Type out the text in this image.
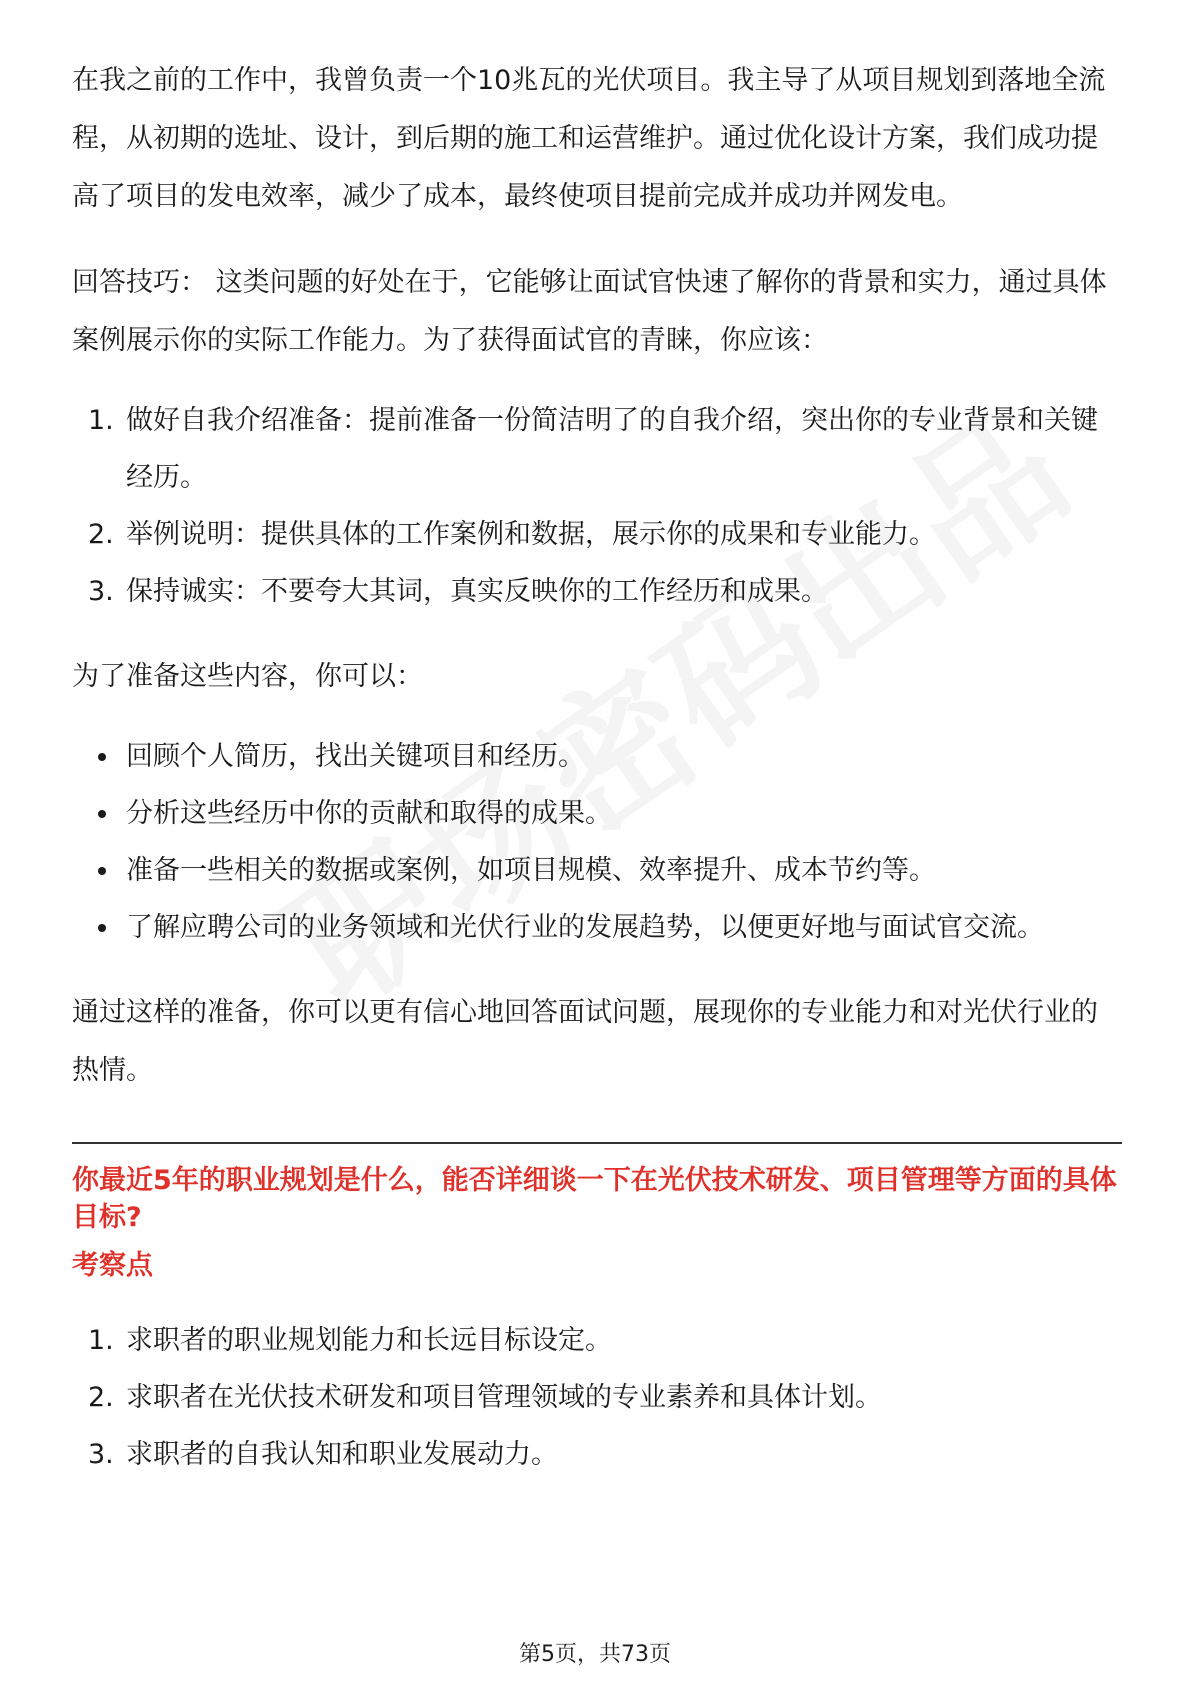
在我之前的工作中，我曾负责一个10兆瓦的光伏项目。我主导了从项目规划到落地全流程，从初期的选址、设计，到后期的施工和运营维护。通过优化设计方案，我们成功提高了项目的发电效率，减少了成本，最终使项目提前完成并成功并网发电。

回答技巧： 这类问题的好处在于，它能够让面试官快速了解你的背景和实力，通过具体案例展示你的实际工作能力。为了获得面试官的青睐，你应该：

1. 做好自我介绍准备：提前准备一份简洁明了的自我介绍，突出你的专业背景和关键经历。
2. 举例说明：提供具体的工作案例和数据，展示你的成果和专业能力。
3. 保持诚实：不要夸大其词，真实反映你的工作经历和成果。

为了准备这些内容，你可以：

回顾个人简历，找出关键项目和经历。
分析这些经历中你的贡献和取得的成果。
准备一些相关的数据或案例，如项目规模、效率提升、成本节约等。
了解应聘公司的业务领域和光伏行业的发展趋势，以便更好地与面试官交流。

通过这样的准备，你可以更有信心地回答面试问题，展现你的专业能力和对光伏行业的热情。

你最近5年的职业规划是什么，能否详细谈一下在光伏技术研发、项目管理等方面的具体目标?

考察点

1. 求职者的职业规划能力和长远目标设定。
2. 求职者在光伏技术研发和项目管理领域的专业素养和具体计划。
3. 求职者的自我认知和职业发展动力。
第5页，共73页
